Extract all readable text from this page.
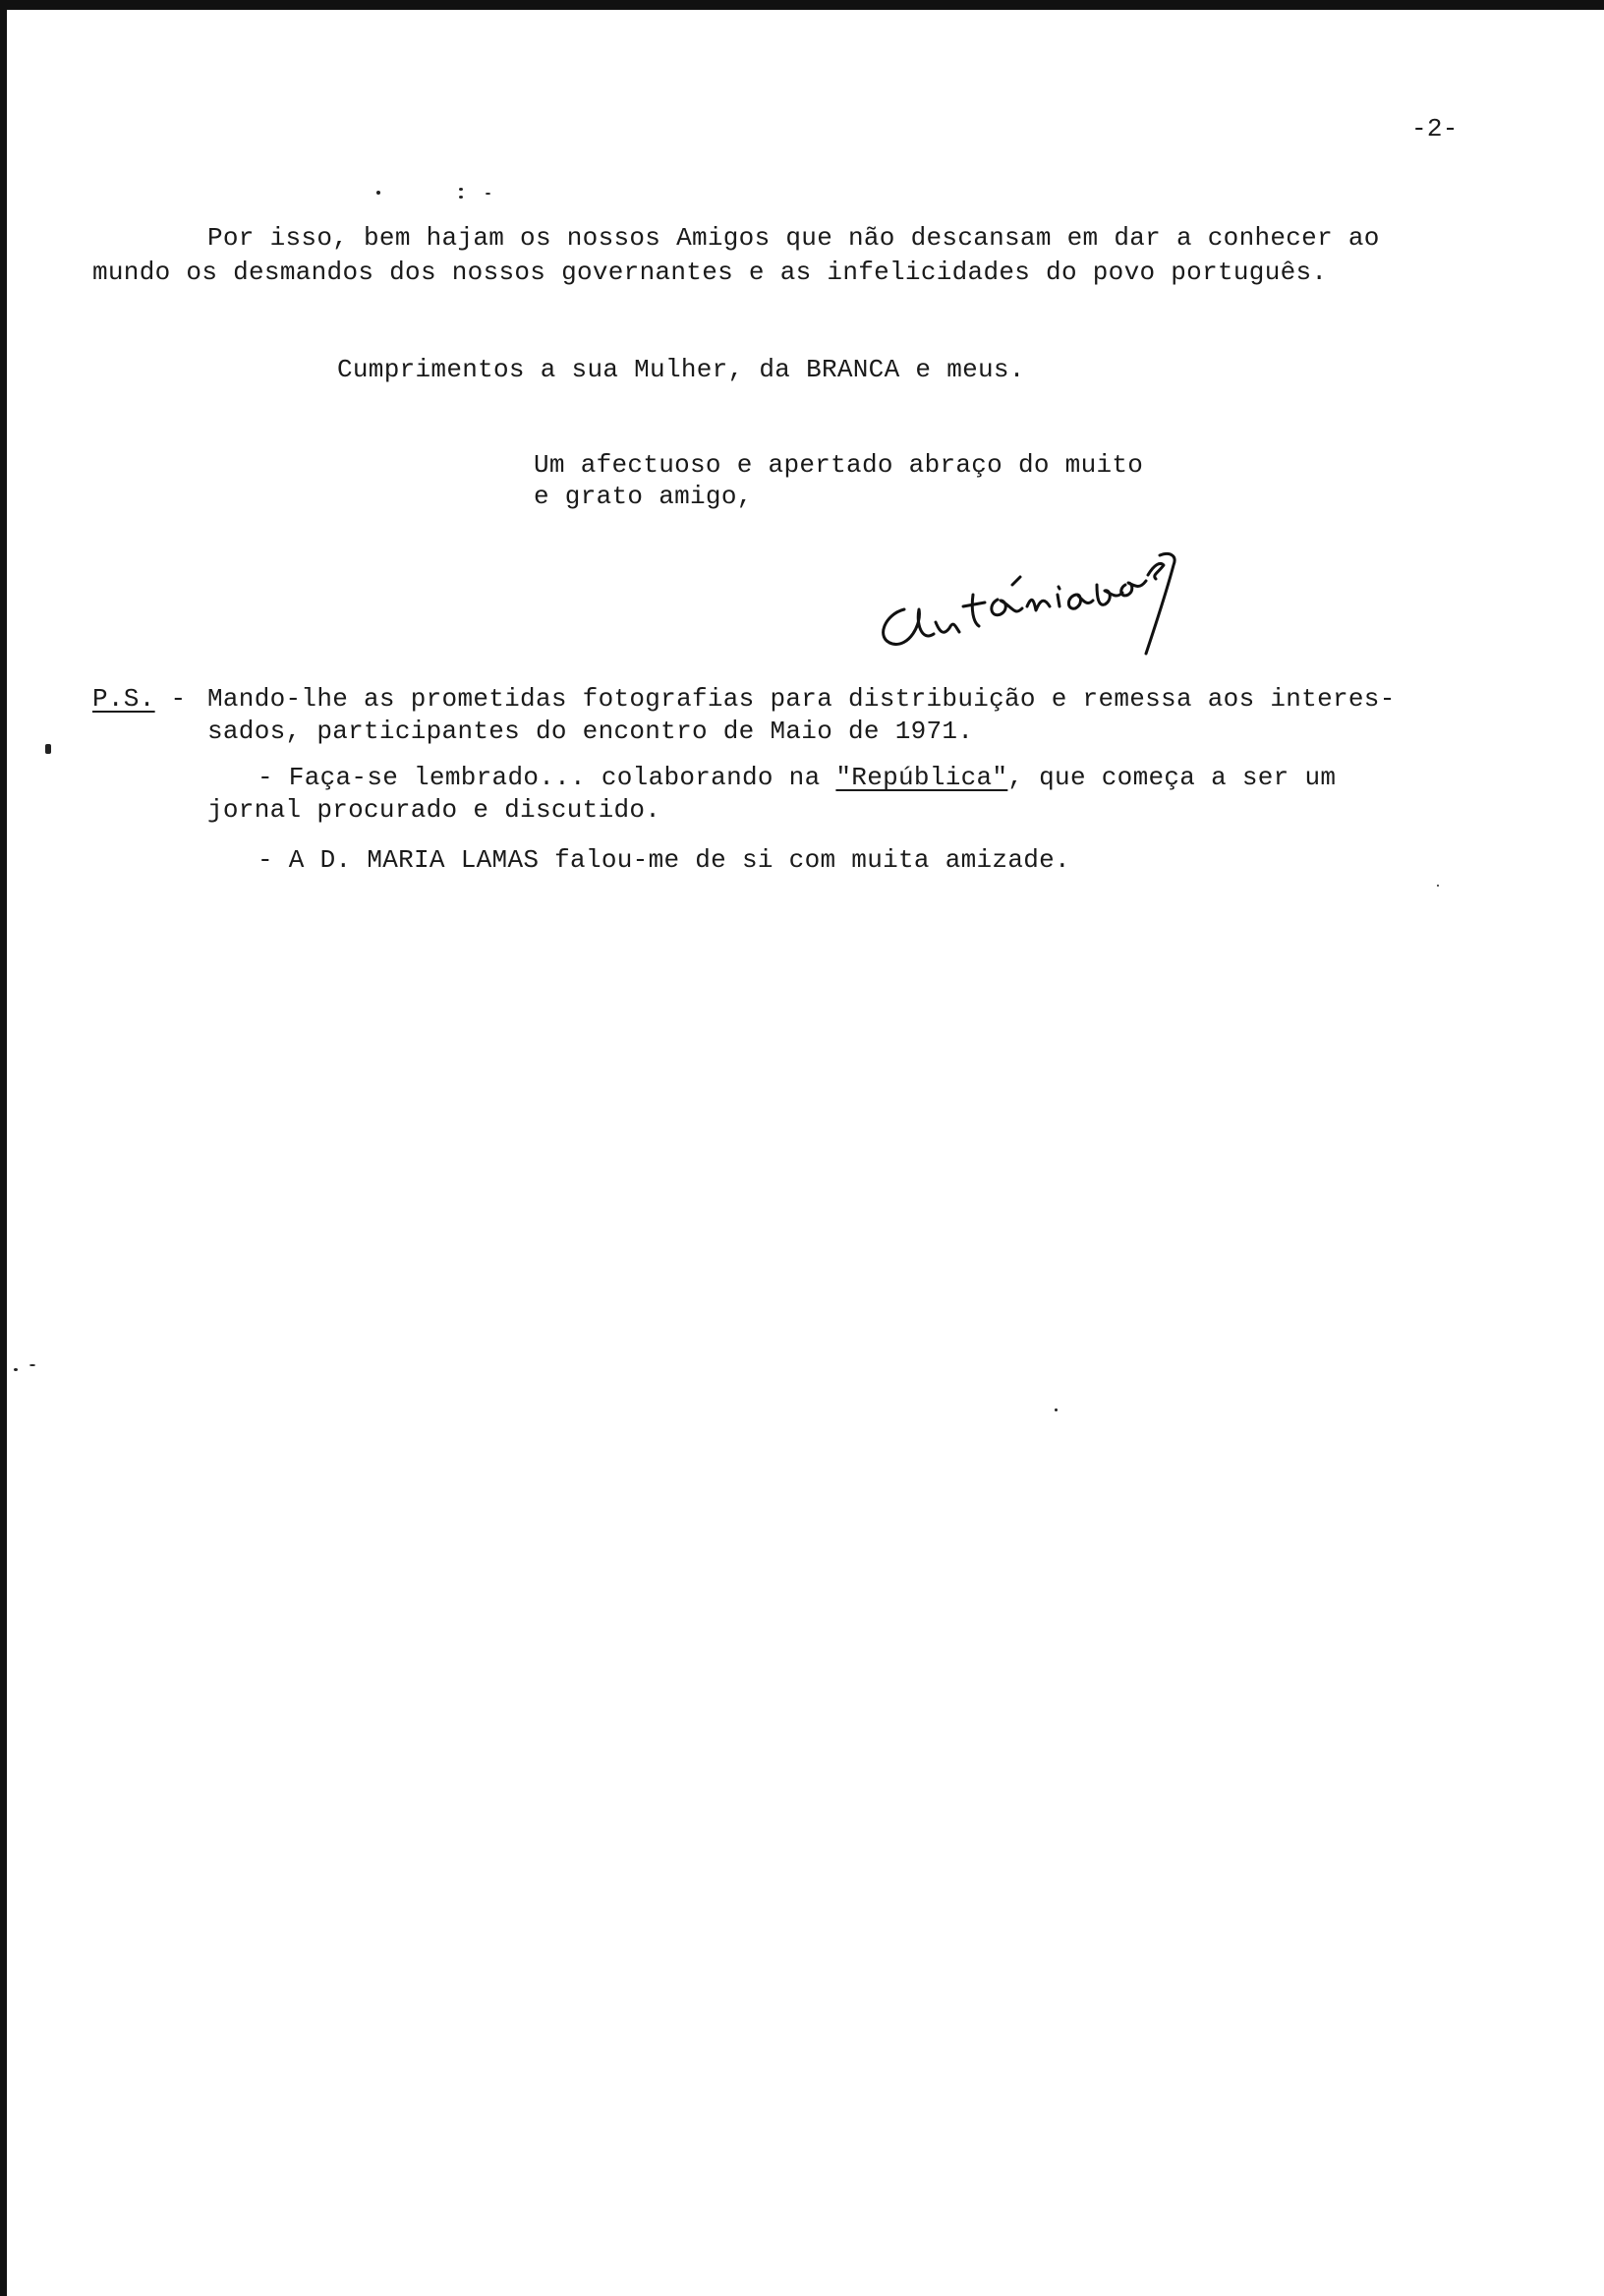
-2-
Por isso, bem hajam os nossos Amigos que não descansam em dar a conhecer ao
mundo os desmandos dos nossos governantes e as infelicidades do povo português.
Cumprimentos a sua Mulher, da BRANCA e meus.
Um afectuoso e apertado abraço do muito
e grato amigo,
P.S. - Mando-lhe as prometidas fotografias para distribuição e remessa aos interes-
sados, participantes do encontro de Maio de 1971.
- Faça-se lembrado... colaborando na "República", que começa a ser um
jornal procurado e discutido.
- A D. MARIA LAMAS falou-me de si com muita amizade.
